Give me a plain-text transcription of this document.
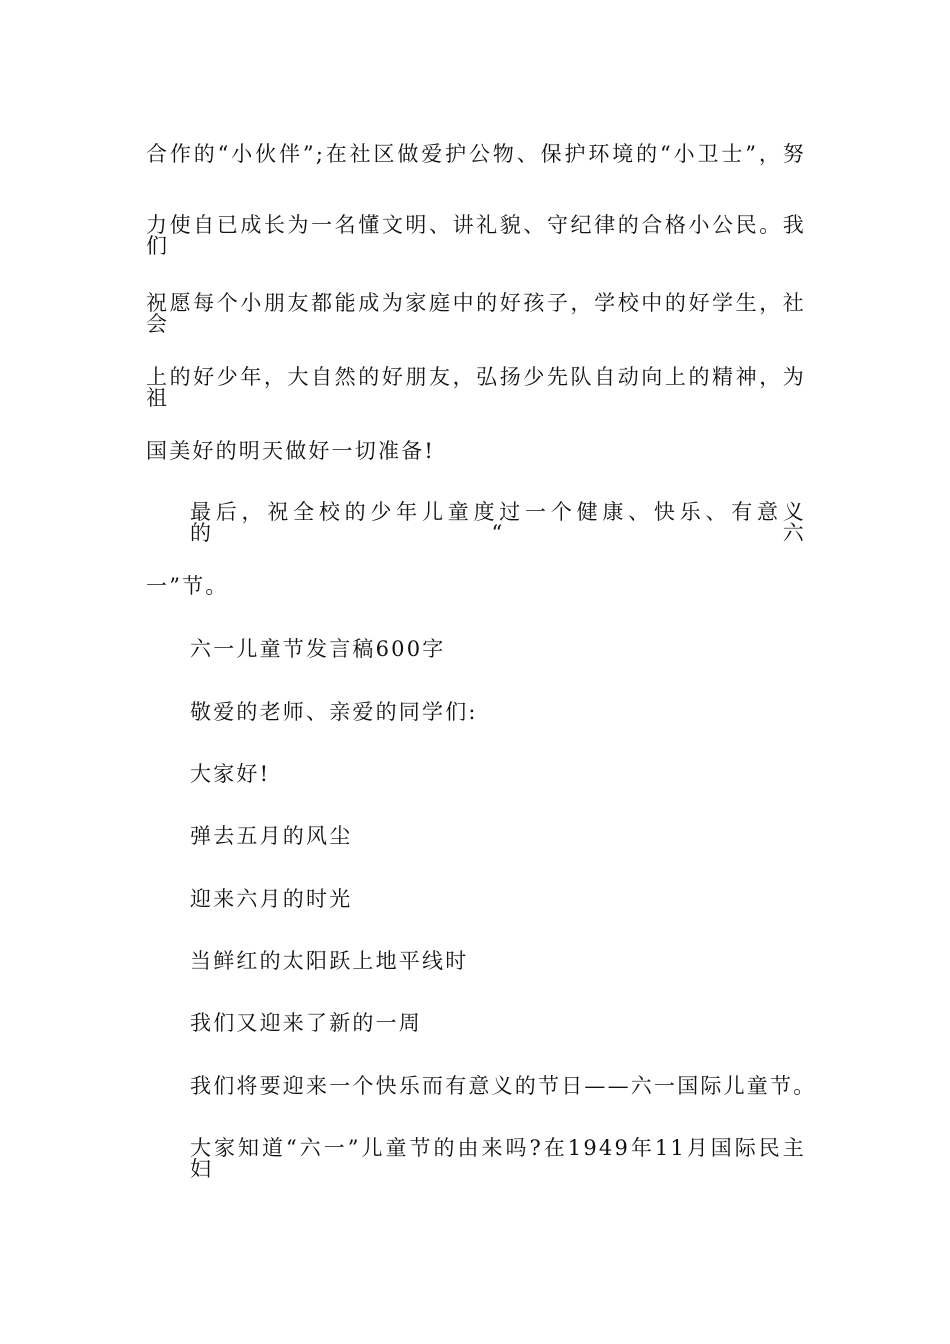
合作的“小伙伴”;在社区做爱护公物、保护环境的“小卫士”，努
力使自已成长为一名懂文明、讲礼貌、守纪律的合格小公民。我们
祝愿每个小朋友都能成为家庭中的好孩子，学校中的好学生，社会
上的好少年，大自然的好朋友，弘扬少先队自动向上的精神，为祖
国美好的明天做好一切准备!
最后，祝全校的少年儿童度过一个健康、快乐、有意义的“六
一”节。
六一儿童节发言稿600字
敬爱的老师、亲爱的同学们:
大家好!
弹去五月的风尘
迎来六月的时光
当鲜红的太阳跃上地平线时
我们又迎来了新的一周
我们将要迎来一个快乐而有意义的节日——六一国际儿童节。
大家知道“六一”儿童节的由来吗?在1949年11月国际民主妇
